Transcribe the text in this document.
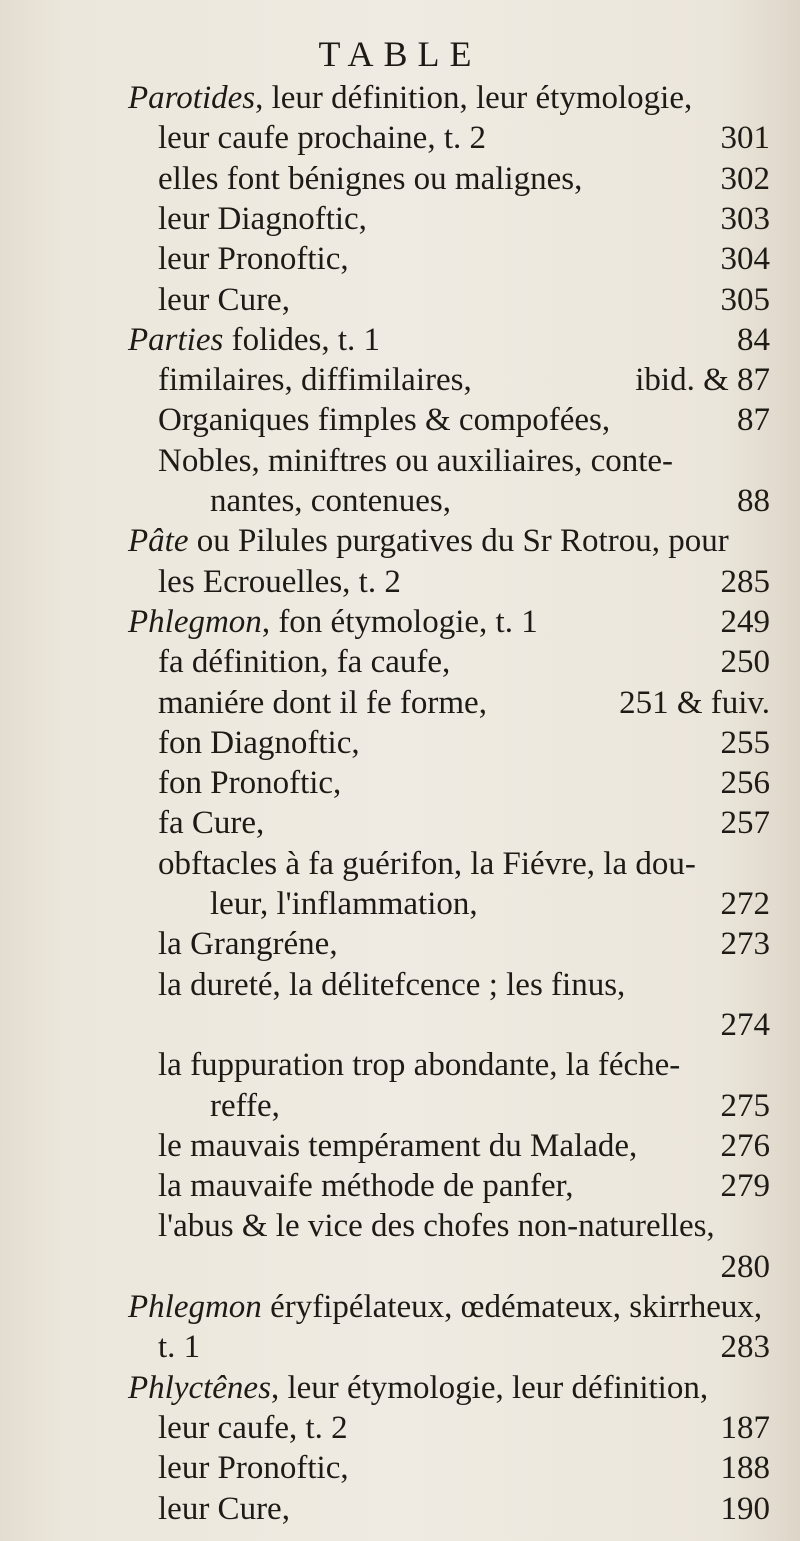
TABLE
Parotides, leur définition, leur étymologie,
leur caufe prochaine, t. 2	301
elles font bénignes ou malignes,	302
leur Diagnoftic,	303
leur Pronoftic,	304
leur Cure,	305
Parties folides, t. 1	84
fimilaires, diffimilaires,	ibid. & 87
Organiques fimples & compofées,	87
Nobles, miniftres ou auxiliaires, conte-
nantes, contenues,	88
Pâte ou Pilules purgatives du Sr Rotrou, pour
les Ecrouelles, t. 2	285
Phlegmon, fon étymologie, t. 1	249
fa définition, fa caufe,	250
maniére dont il fe forme,	251 & fuiv.
fon Diagnoftic,	255
fon Pronoftic,	256
fa Cure,	257
obftacles à fa guérifon, la Fiévre, la dou-
leur, l'inflammation,	272
la Grangréne,	273
la dureté, la délitefcence ; les finus,
274
la fuppuration trop abondante, la féche-
reffe,	275
le mauvais tempérament du Malade,	276
la mauvaife méthode de panfer,	279
l'abus & le vice des chofes non-naturelles,
280
Phlegmon éryfipélateux, œdémateux, skirrheux,
t. 1	283
Phlyctênes, leur étymologie, leur définition,
leur caufe, t. 2	187
leur Pronoftic,	188
leur Cure,	190
